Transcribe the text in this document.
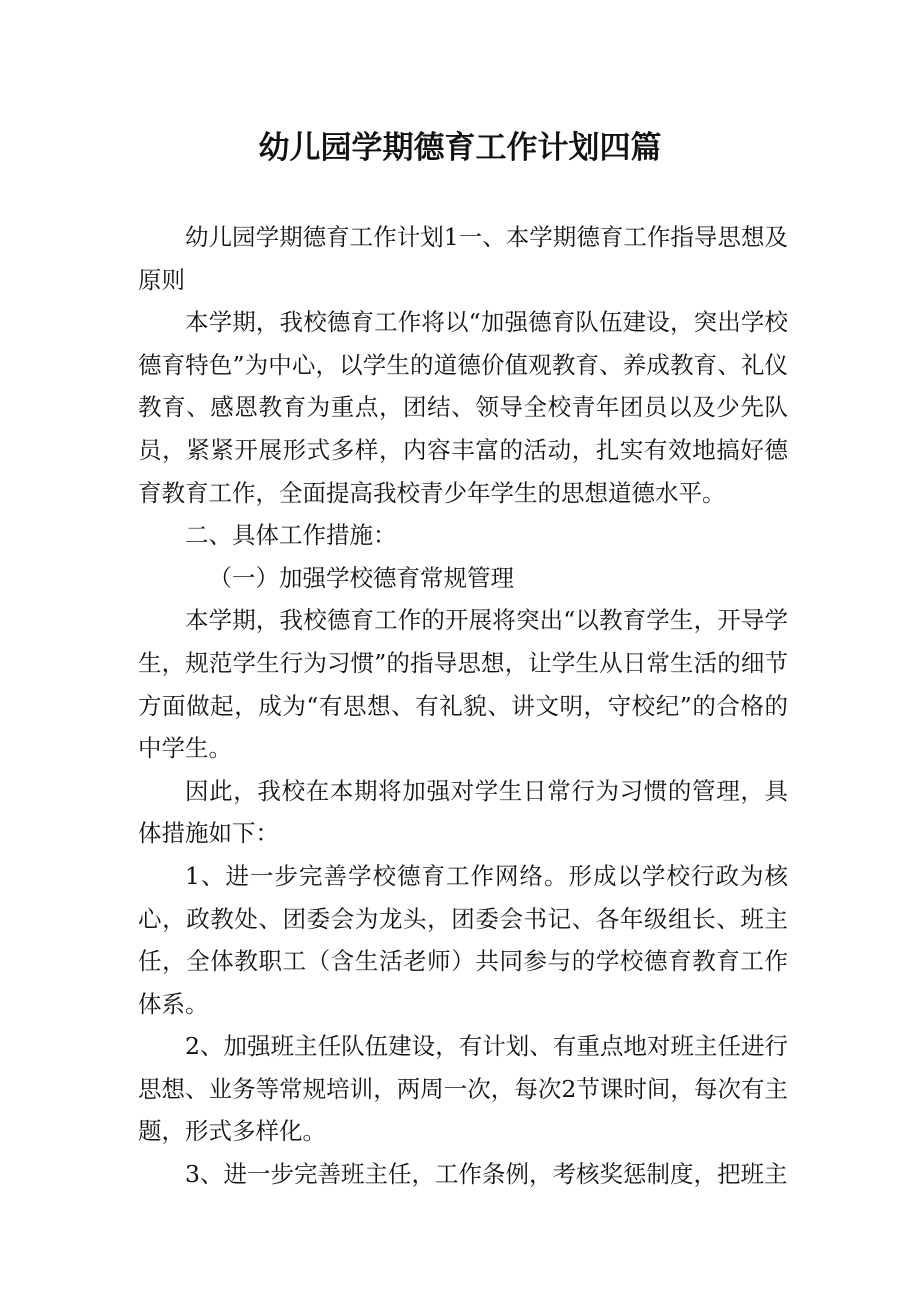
幼儿园学期德育工作计划四篇

幼儿园学期德育工作计划1一、本学期德育工作指导思想及原则

本学期，我校德育工作将以“加强德育队伍建设，突出学校德育特色”为中心，以学生的道德价值观教育、养成教育、礼仪教育、感恩教育为重点，团结、领导全校青年团员以及少先队员，紧紧开展形式多样，内容丰富的活动，扎实有效地搞好德育教育工作，全面提高我校青少年学生的思想道德水平。

二、具体工作措施：

（一）加强学校德育常规管理

本学期，我校德育工作的开展将突出“以教育学生，开导学生，规范学生行为习惯”的指导思想，让学生从日常生活的细节方面做起，成为“有思想、有礼貌、讲文明，守校纪”的合格的中学生。

因此，我校在本期将加强对学生日常行为习惯的管理，具体措施如下：

1、进一步完善学校德育工作网络。形成以学校行政为核心，政教处、团委会为龙头，团委会书记、各年级组长、班主任，全体教职工（含生活老师）共同参与的学校德育教育工作体系。

2、加强班主任队伍建设，有计划、有重点地对班主任进行思想、业务等常规培训，两周一次，每次2节课时间，每次有主题，形式多样化。

3、进一步完善班主任，工作条例，考核奖惩制度，把班主
